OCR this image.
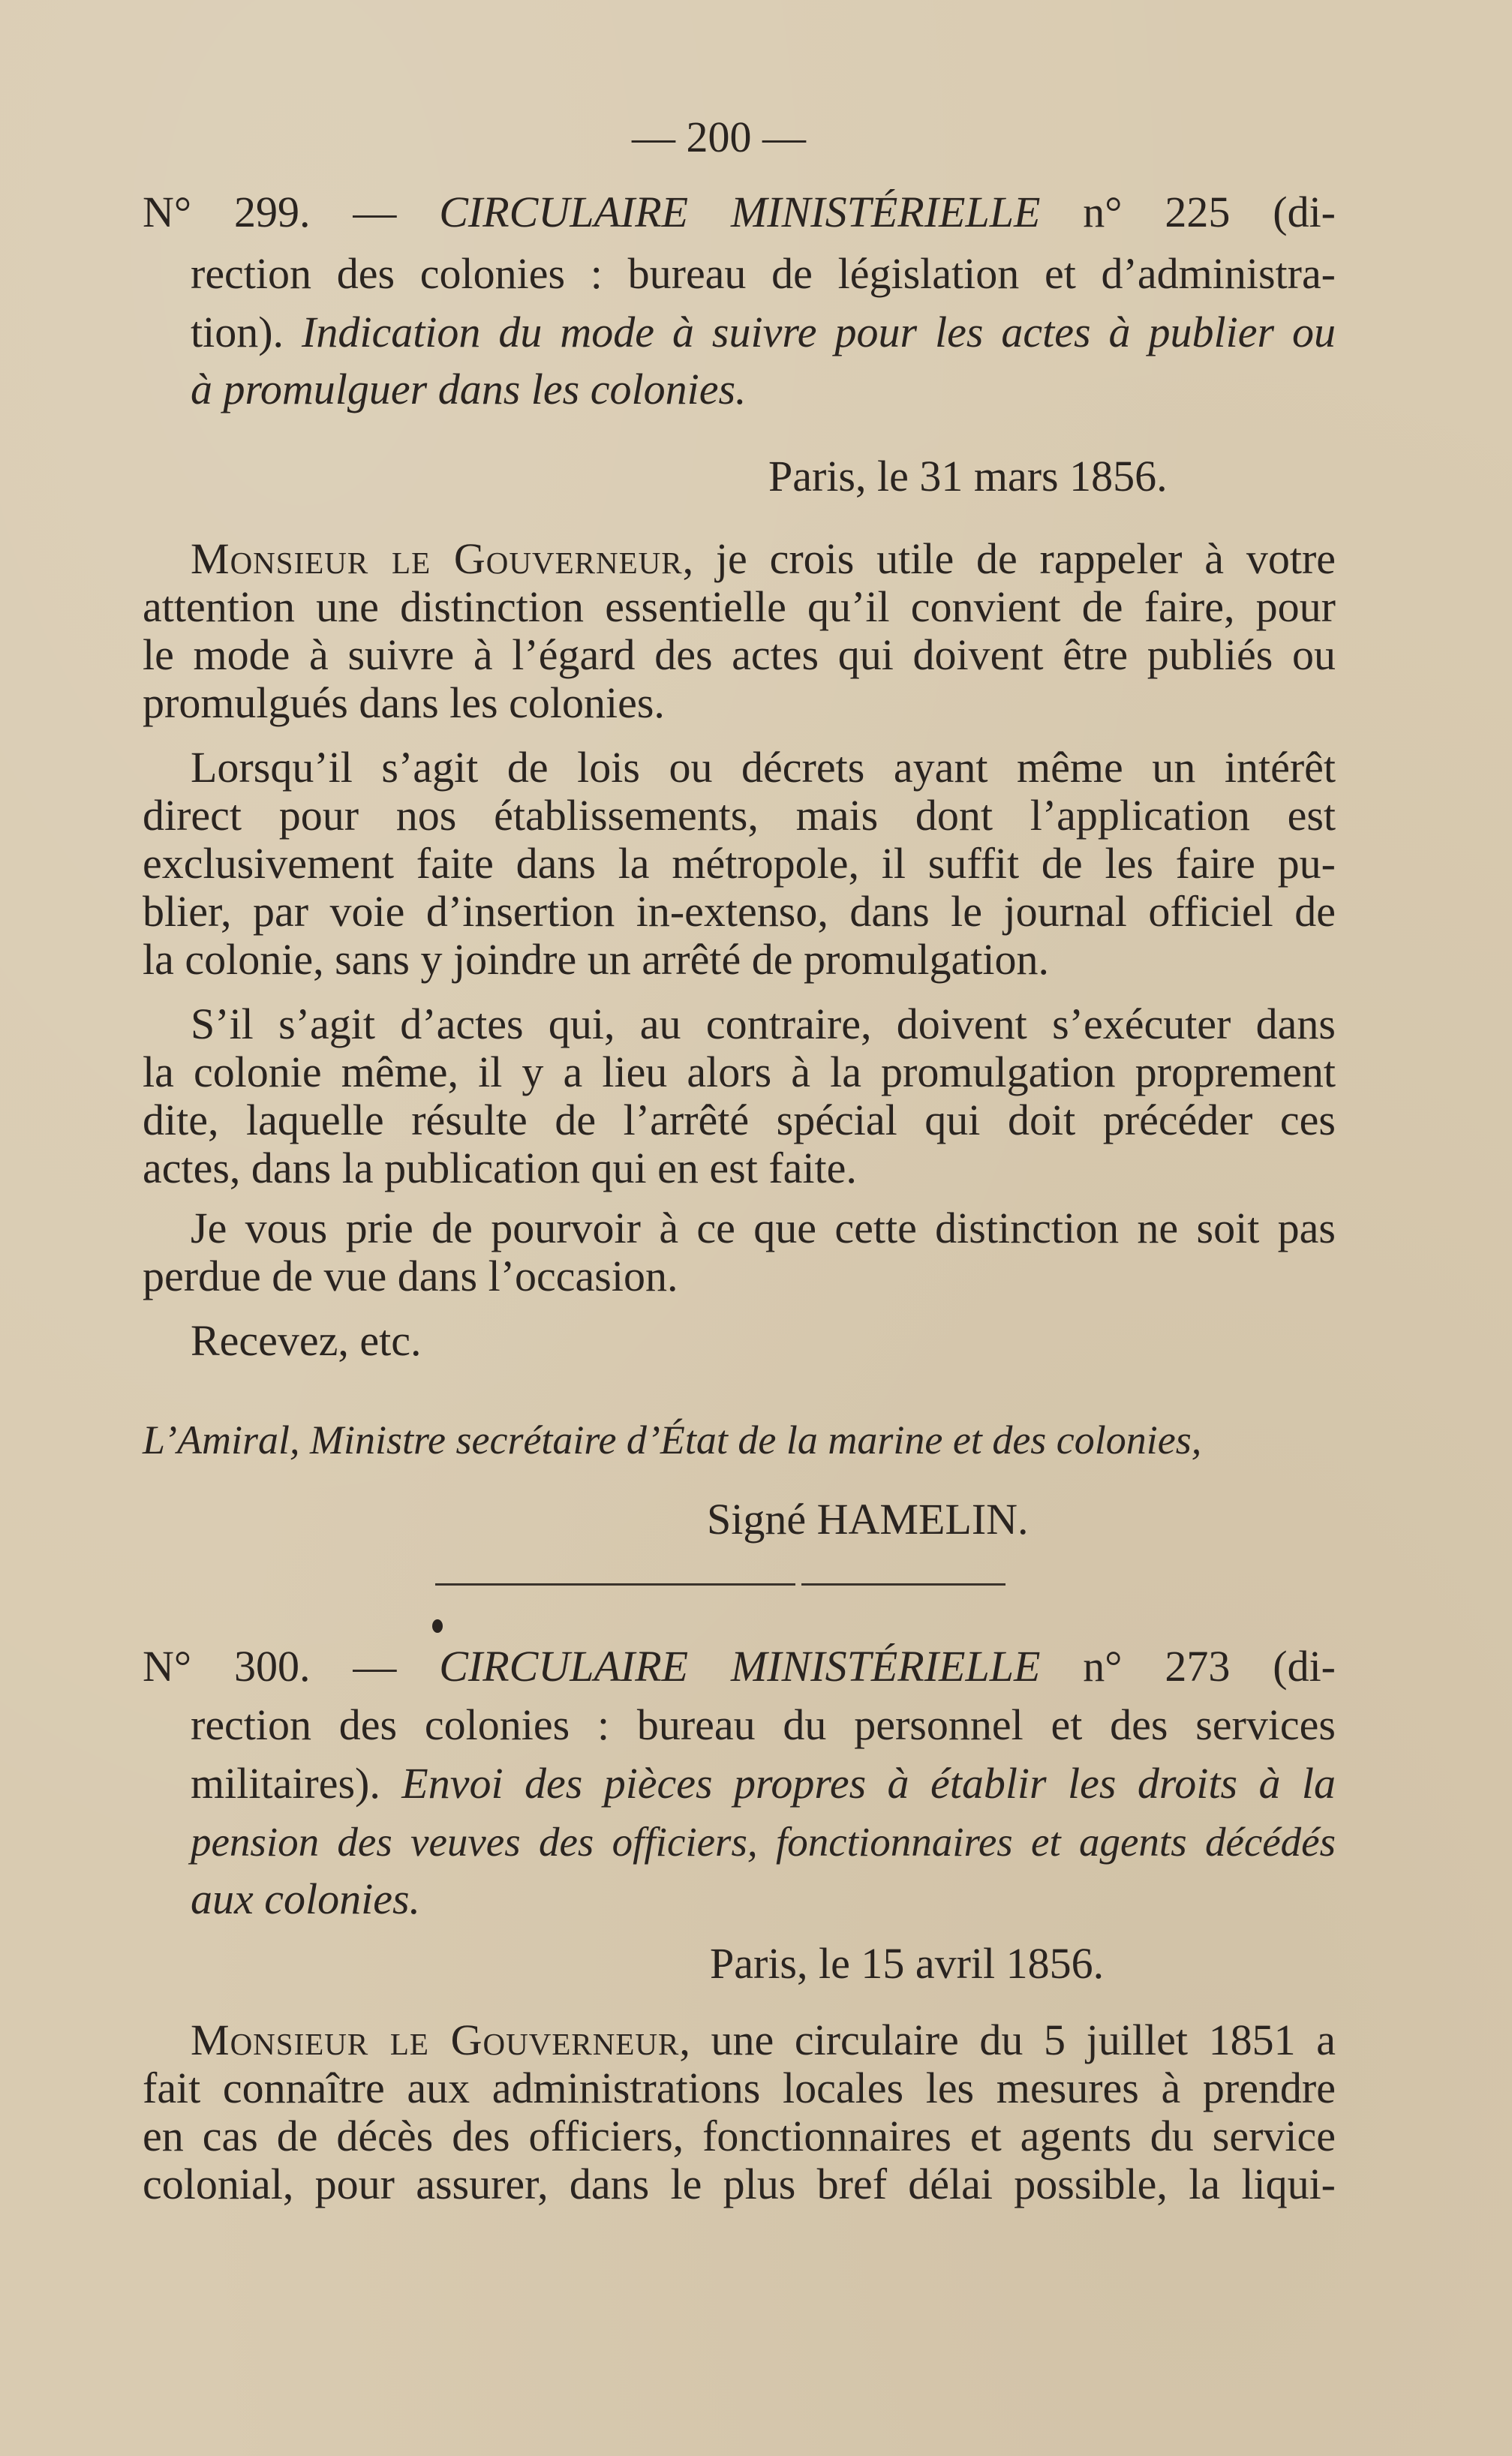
— 200 —
N° 299. — CIRCULAIRE MINISTÉRIELLE n° 225 (di-
rection des colonies : bureau de législation et d’administra-
tion). Indication du mode à suivre pour les actes à publier ou
à promulguer dans les colonies.
Paris, le 31 mars 1856.
Monsieur le Gouverneur, je crois utile de rappeler à votre
attention une distinction essentielle qu’il convient de faire, pour
le mode à suivre à l’égard des actes qui doivent être publiés ou
promulgués dans les colonies.
Lorsqu’il s’agit de lois ou décrets ayant même un intérêt
direct pour nos établissements, mais dont l’application est
exclusivement faite dans la métropole, il suffit de les faire pu-
blier, par voie d’insertion in-extenso, dans le journal officiel de
la colonie, sans y joindre un arrêté de promulgation.
S’il s’agit d’actes qui, au contraire, doivent s’exécuter dans
la colonie même, il y a lieu alors à la promulgation proprement
dite, laquelle résulte de l’arrêté spécial qui doit précéder ces
actes, dans la publication qui en est faite.
Je vous prie de pourvoir à ce que cette distinction ne soit pas
perdue de vue dans l’occasion.
Recevez, etc.
L’Amiral, Ministre secrétaire d’État de la marine et des colonies,
Signé HAMELIN.
N° 300. — CIRCULAIRE MINISTÉRIELLE n° 273 (di-
rection des colonies : bureau du personnel et des services
militaires). Envoi des pièces propres à établir les droits à la
pension des veuves des officiers, fonctionnaires et agents décédés
aux colonies.
Paris, le 15 avril 1856.
Monsieur le Gouverneur, une circulaire du 5 juillet 1851 a
fait connaître aux administrations locales les mesures à prendre
en cas de décès des officiers, fonctionnaires et agents du service
colonial, pour assurer, dans le plus bref délai possible, la liqui-
